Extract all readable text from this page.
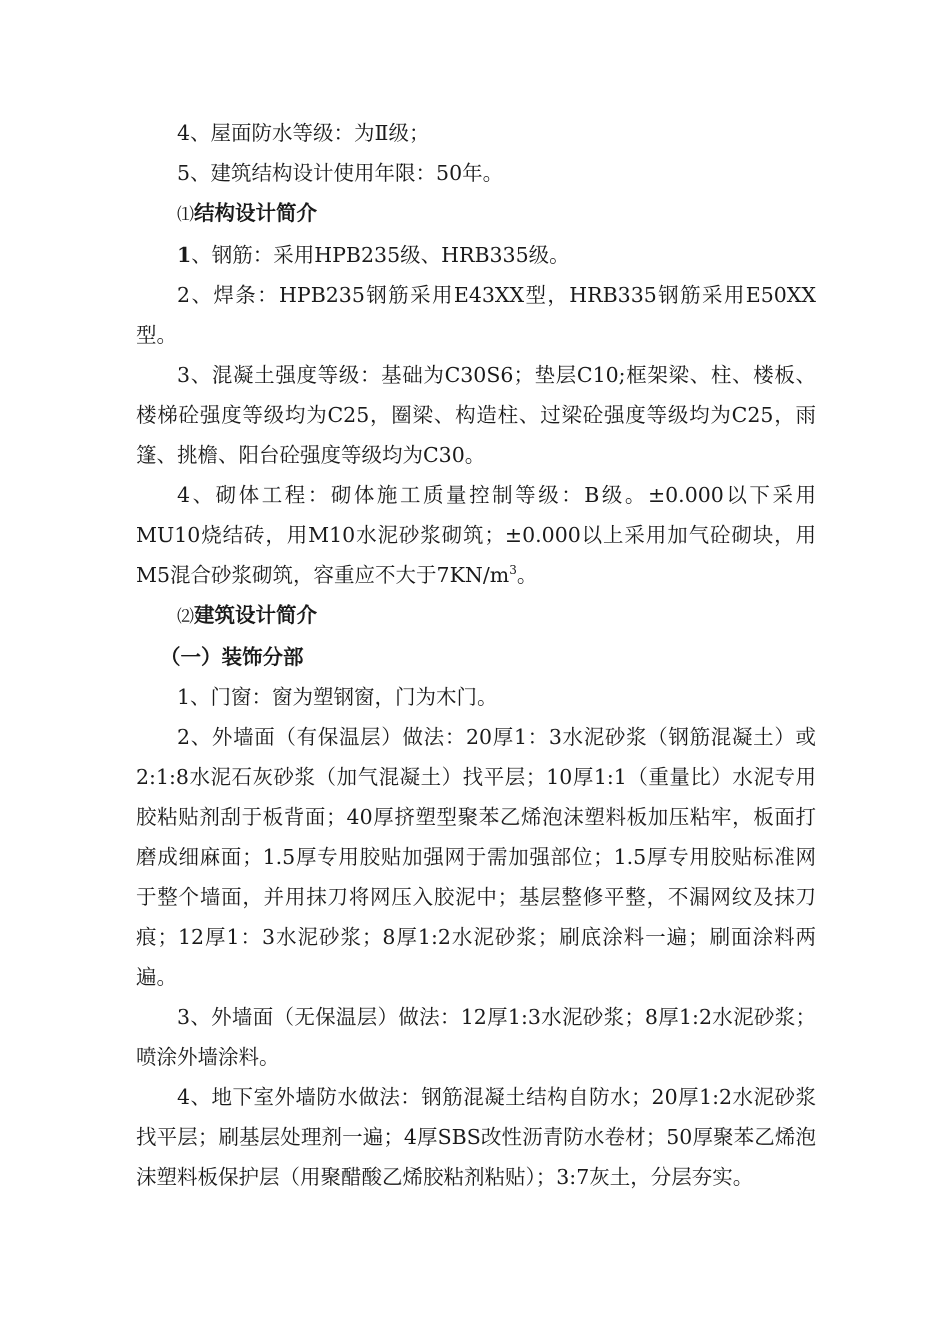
4、屋面防水等级：为Ⅱ级；

5、建筑结构设计使用年限：50年。

⑴结构设计简介

1、钢筋：采用HPB235级、HRB335级。

2、焊条：HPB235钢筋采用E43XX型，HRB335钢筋采用E50XX型。

3、混凝土强度等级：基础为C30S6；垫层C10;框架梁、柱、楼板、楼梯砼强度等级均为C25，圈梁、构造柱、过梁砼强度等级均为C25，雨篷、挑檐、阳台砼强度等级均为C30。

4、砌体工程：砌体施工质量控制等级：B级。±0.000以下采用MU10烧结砖，用M10水泥砂浆砌筑；±0.000以上采用加气砼砌块，用M5混合砂浆砌筑，容重应不大于$7KN/m^3$。

⑵建筑设计简介

（一）装饰分部

1、门窗：窗为塑钢窗，门为木门。

2、外墙面（有保温层）做法：20厚1：3水泥砂浆（钢筋混凝土）或2:1:8水泥石灰砂浆（加气混凝土）找平层；10厚1:1（重量比）水泥专用胶粘贴剂刮于板背面；40厚挤塑型聚苯乙烯泡沫塑料板加压粘牢，板面打磨成细麻面；1.5厚专用胶贴加强网于需加强部位；1.5厚专用胶贴标准网于整个墙面，并用抹刀将网压入胶泥中；基层整修平整，不漏网纹及抹刀痕；12厚1：3水泥砂浆；8厚1:2水泥砂浆；刷底涂料一遍；刷面涂料两遍。

3、外墙面（无保温层）做法：12厚1:3水泥砂浆；8厚1:2水泥砂浆；喷涂外墙涂料。

4、地下室外墙防水做法：钢筋混凝土结构自防水；20厚1:2水泥砂浆找平层；刷基层处理剂一遍；4厚SBS改性沥青防水卷材；50厚聚苯乙烯泡沫塑料板保护层（用聚醋酸乙烯胶粘剂粘贴）；3:7灰土，分层夯实。
